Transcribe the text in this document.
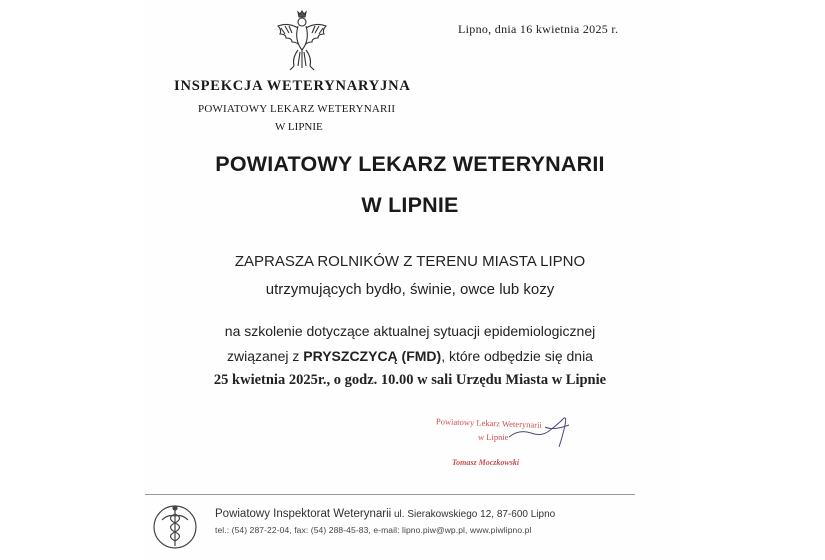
Lipno, dnia 16 kwietnia 2025 r.
INSPEKCJA WETERYNARYJNA
POWIATOWY LEKARZ WETERYNARII
W LIPNIE
POWIATOWY LEKARZ WETERYNARII
W LIPNIE
ZAPRASZA ROLNIKÓW Z TERENU MIASTA LIPNO
utrzymujących bydło, świnie, owce lub kozy
na szkolenie dotyczące aktualnej sytuacji epidemiologicznej
związanej z PRYSZCZYCĄ (FMD), które odbędzie się dnia
25 kwietnia 2025r., o godz. 10.00 w sali Urzędu Miasta w Lipnie
Powiatowy Lekarz Weterynarii
w Lipnie
Tomasz Moczkowski
Powiatowy Inspektorat Weterynarii ul. Sierakowskiego 12, 87-600 Lipno
tel.: (54) 287-22-04, fax: (54) 288-45-83, e-mail: lipno.piw@wp.pl, www.piwlipno.pl
